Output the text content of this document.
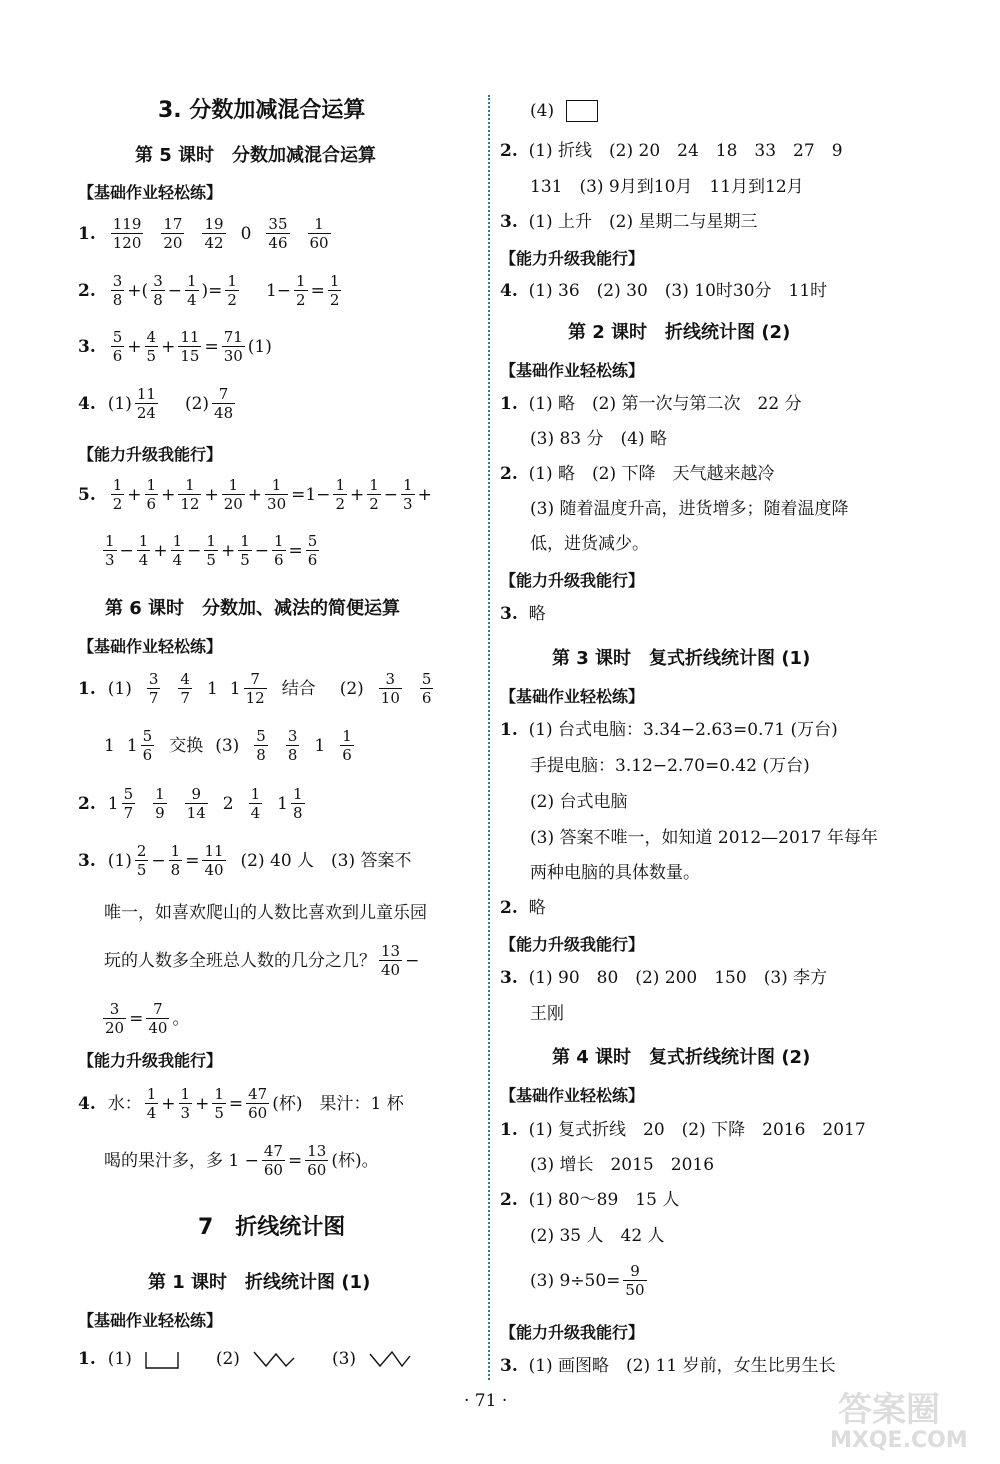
3. 分数加减混合运算
第 5 课时　分数加减混合运算
【基础作业轻松练】
1. $\frac{119}{120} \frac{17}{20} \frac{19}{42} 0 \frac{35}{46} \frac{1}{60}$
2. $\frac{3}{8}$ +( $\frac{3}{8} - \frac{1}{4}$ )= $\frac{1}{2} 1- \frac{1}{2} = \frac{1}{2}$
3. $\frac{5}{6} + \frac{4}{5} + \frac{11}{15} = \frac{71}{30} (1)$
4. $(1) \frac{11}{24} (2) \frac{7}{48}$
【能力升级我能行】
5. $\frac{1}{2} + \frac{1}{6} + \frac{1}{12} + \frac{1}{20} + \frac{1}{30} =1- \frac{1}{2} + \frac{1}{2} - \frac{1}{3}$ +
$\frac{1}{3} - \frac{1}{4} + \frac{1}{4} - \frac{1}{5} + \frac{1}{5} - \frac{1}{6} = \frac{5}{6}$
第 6 课时　分数加、减法的简便运算
【基础作业轻松练】
1. $(1) \frac{3}{7} \frac{4}{7} 1$ $1 \frac{7}{12}$ 结合 $(2) \frac{3}{10} \frac{5}{6}$
1 $1 \frac{5}{6}$ 交换 $(3) \frac{5}{8} \frac{3}{8} 1 \frac{1}{6}$
2. $1 \frac{5}{7} \frac{1}{9} \frac{9}{14} 2 \frac{1}{4} 1 \frac{1}{8}$
3. $(1) \frac{2}{5} - \frac{1}{8} = \frac{11}{40} (2)$ 40 人　(3) 答案不
唯一，如喜欢爬山的人数比喜欢到儿童乐园
玩的人数多全班总人数的几分之几？ $\frac{13}{40}$ −
$\frac{3}{20} = \frac{7}{40}$ 。
【能力升级我能行】
4. 水： $\frac{1}{4} + \frac{1}{3} + \frac{1}{5} = \frac{47}{60}$ (杯)　果汁：1 杯
喝的果汁多，多 $1 - \frac{47}{60} = \frac{13}{60}$ (杯)。
7　折线统计图
第 1 课时　折线统计图 (1)
【基础作业轻松练】
1. (1)	(2)	(3)
(4)
2. (1) 折线　(2) 20　24　18　33　27　9
131　(3) 9月到10月　11月到12月
3. (1) 上升　(2) 星期二与星期三
【能力升级我能行】
4. (1) 36　(2) 30　(3) 10时30分　11时
第 2 课时　折线统计图 (2)
【基础作业轻松练】
1. (1) 略　(2) 第一次与第二次　22 分
(3) 83 分　(4) 略
2. (1) 略　(2) 下降　天气越来越冷
(3) 随着温度升高，进货增多；随着温度降
低，进货减少。
【能力升级我能行】
3. 略
第 3 课时　复式折线统计图 (1)
【基础作业轻松练】
1. (1) 台式电脑：3.34−2.63=0.71 (万台)
手提电脑：3.12−2.70=0.42 (万台)
(2) 台式电脑
(3) 答案不唯一，如知道 2012—2017 年每年
两种电脑的具体数量。
2. 略
【能力升级我能行】
3. (1) 90　80　(2) 200　150　(3) 李方
王刚
第 4 课时　复式折线统计图 (2)
【基础作业轻松练】
1. (1) 复式折线　20　(2) 下降　2016　2017
(3) 增长　2015　2016
2. (1) 80～89　15 人
(2) 35 人　42 人
(3) $9\div 50= \frac{9}{50}$
【能力升级我能行】
3. (1) 画图略　(2) 11 岁前，女生比男生长
· 71 ·	答案圈
MXQE.COM
